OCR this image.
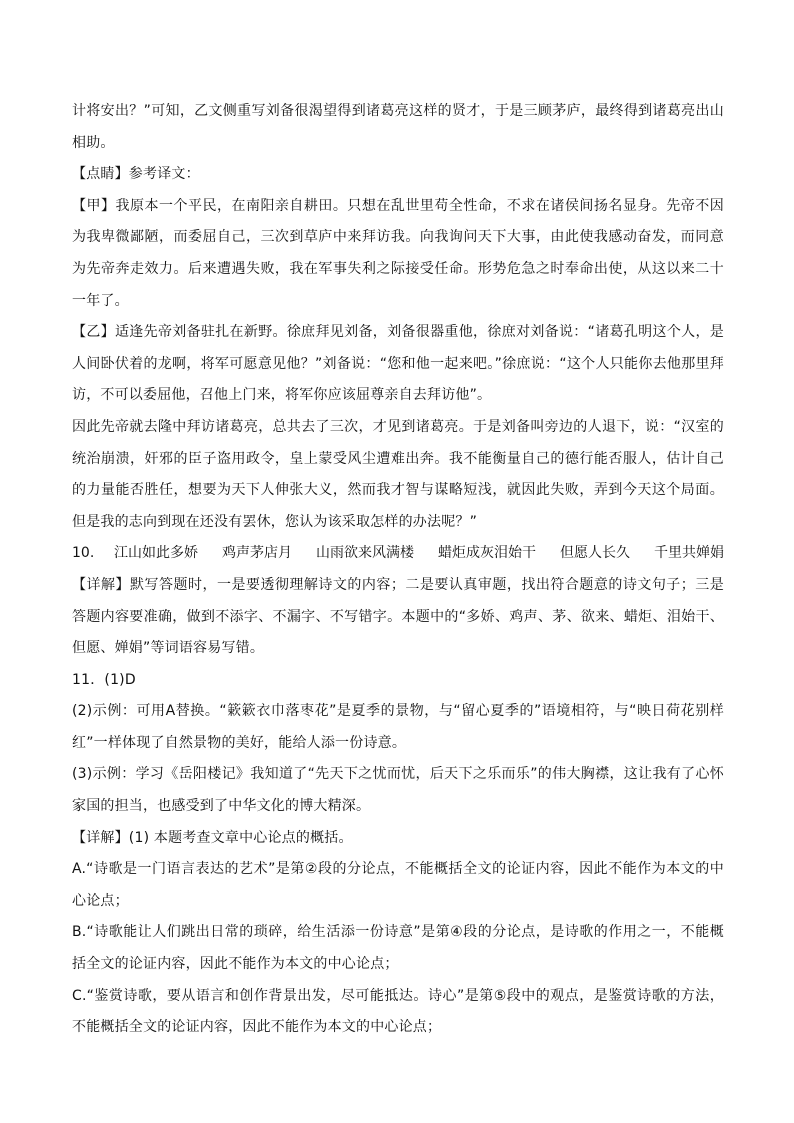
计将安出？”可知，乙文侧重写刘备很渴望得到诸葛亮这样的贤才，于是三顾茅庐，最终得到诸葛亮出山相助。

【点睛】参考译文：

【甲】我原本一个平民，在南阳亲自耕田。只想在乱世里苟全性命，不求在诸侯间扬名显身。先帝不因为我卑微鄙陋，而委屈自己，三次到草庐中来拜访我。向我询问天下大事，由此使我感动奋发，而同意为先帝奔走效力。后来遭遇失败，我在军事失利之际接受任命。形势危急之时奉命出使，从这以来二十一年了。

【乙】适逢先帝刘备驻扎在新野。徐庶拜见刘备，刘备很器重他，徐庶对刘备说：“诸葛孔明这个人，是人间卧伏着的龙啊，将军可愿意见他？”刘备说：“您和他一起来吧。”徐庶说：“这个人只能你去他那里拜访，不可以委屈他，召他上门来，将军你应该屈尊亲自去拜访他”。

因此先帝就去隆中拜访诸葛亮，总共去了三次，才见到诸葛亮。于是刘备叫旁边的人退下，说：“汉室的统治崩溃，奸邪的臣子盗用政令，皇上蒙受风尘遭难出奔。我不能衡量自己的德行能否服人，估计自己的力量能否胜任，想要为天下人伸张大义，然而我才智与谋略短浅，就因此失败，弄到今天这个局面。但是我的志向到现在还没有罢休，您认为该采取怎样的办法呢？”

10.	江山如此多娇 鸡声茅店月 山雨欲来风满楼 蜡炬成灰泪始干 但愿人长久 千里共婵娟

【详解】默写答题时，一是要透彻理解诗文的内容；二是要认真审题，找出符合题意的诗文句子；三是答题内容要准确，做到不添字、不漏字、不写错字。本题中的“多娇、鸡声、茅、欲来、蜡炬、泪始干、但愿、婵娟”等词语容易写错。

11．(1)D

(2)示例：可用A替换。“簌簌衣巾落枣花”是夏季的景物，与“留心夏季的”语境相符，与“映日荷花别样红”一样体现了自然景物的美好，能给人添一份诗意。

(3)示例：学习《岳阳楼记》我知道了“先天下之忧而忧，后天下之乐而乐”的伟大胸襟，这让我有了心怀家国的担当，也感受到了中华文化的博大精深。

【详解】(1) 本题考查文章中心论点的概括。

A.“诗歌是一门语言表达的艺术”是第②段的分论点，不能概括全文的论证内容，因此不能作为本文的中心论点；

B.“诗歌能让人们跳出日常的琐碎，给生活添一份诗意”是第④段的分论点，是诗歌的作用之一，不能概括全文的论证内容，因此不能作为本文的中心论点；

C.“鉴赏诗歌，要从语言和创作背景出发，尽可能抵达。诗心”是第⑤段中的观点，是鉴赏诗歌的方法，不能概括全文的论证内容，因此不能作为本文的中心论点；
